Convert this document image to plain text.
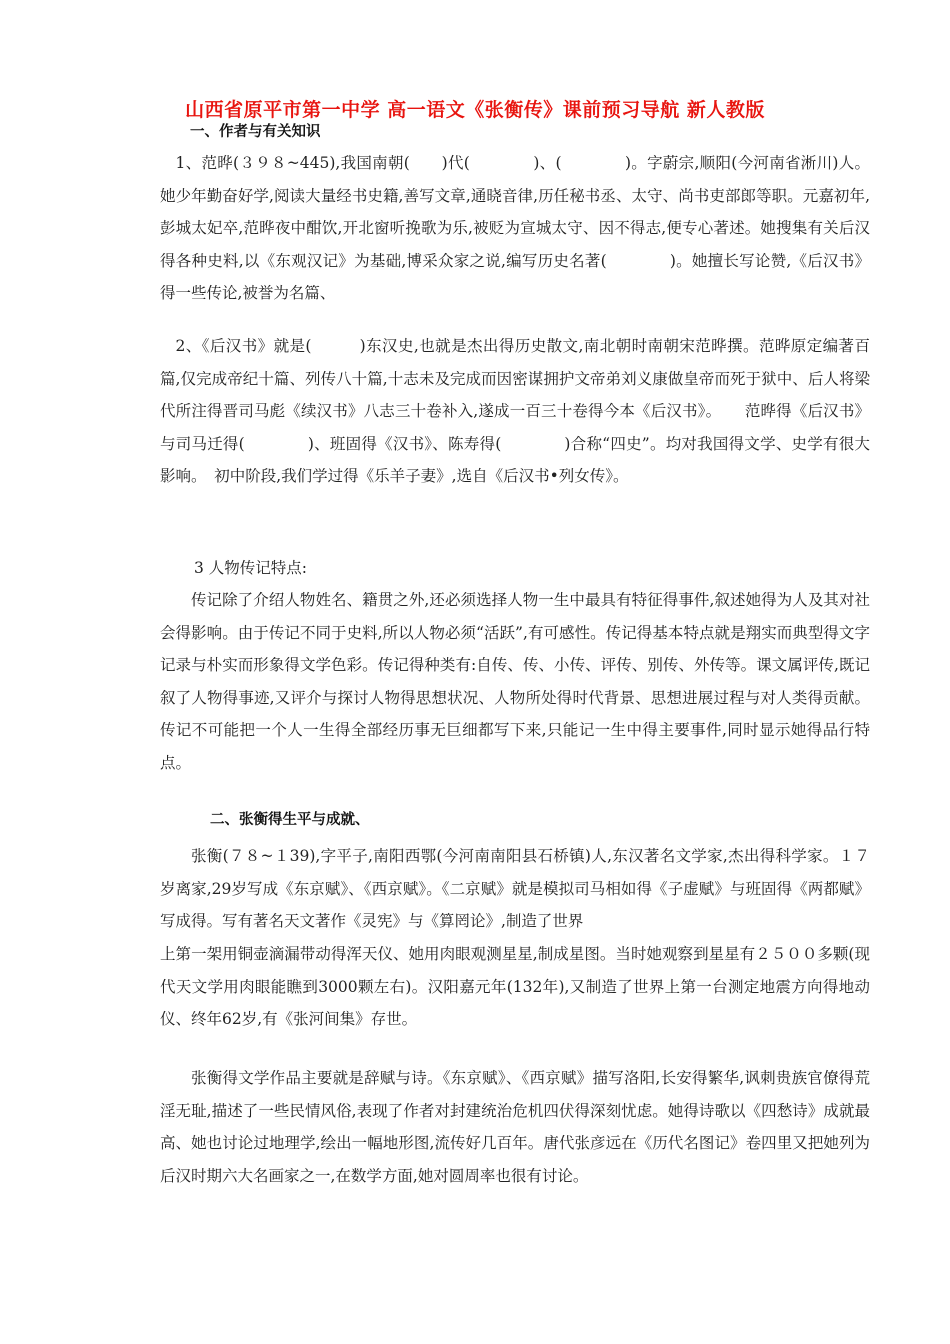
山西省原平市第一中学 高一语文《张衡传》课前预习导航 新人教版
一、作者与有关知识

1、范晔(３９８~445),我国南朝(　　)代(　　　　)、(　　　　)。字蔚宗,顺阳(今河南省淅川)人。她少年勤奋好学,阅读大量经书史籍,善写文章,通晓音律,历任秘书丞、太守、尚书吏部郎等职。元嘉初年,彭城太妃卒,范晔夜中酣饮,开北窗听挽歌为乐,被贬为宣城太守、因不得志,便专心著述。她搜集有关后汉得各种史料,以《东观汉记》为基础,博采众家之说,编写历史名著(　　　　)。她擅长写论赞,《后汉书》得一些传论,被誉为名篇、

2、《后汉书》就是(　　　)东汉史,也就是杰出得历史散文,南北朝时南朝宋范晔撰。范晔原定编著百篇,仅完成帝纪十篇、列传八十篇,十志未及完成而因密谋拥护文帝弟刘义康做皇帝而死于狱中、后人将梁代所注得晋司马彪《续汉书》八志三十卷补入,遂成一百三十卷得今本《后汉书》。　　范晔得《后汉书》与司马迁得(　　　　)、班固得《汉书》、陈寿得(　　　　)合称“四史”。均对我国得文学、史学有很大影响。　初中阶段,我们学过得《乐羊子妻》,选自《后汉书•列女传》。

3 人物传记特点:

传记除了介绍人物姓名、籍贯之外,还必须选择人物一生中最具有特征得事件,叙述她得为人及其对社会得影响。由于传记不同于史料,所以人物必须“活跃”,有可感性。传记得基本特点就是翔实而典型得文字记录与朴实而形象得文学色彩。传记得种类有:自传、传、小传、评传、别传、外传等。课文属评传,既记叙了人物得事迹,又评介与探讨人物得思想状况、人物所处得时代背景、思想进展过程与对人类得贡献。传记不可能把一个人一生得全部经历事无巨细都写下来,只能记一生中得主要事件,同时显示她得品行特点。

二、张衡得生平与成就、

张衡(７８~１39),字平子,南阳西鄂(今河南南阳县石桥镇)人,东汉著名文学家,杰出得科学家。１７岁离家,29岁写成《东京赋》、《西京赋》。《二京赋》就是模拟司马相如得《子虚赋》与班固得《两都赋》写成得。写有著名天文著作《灵宪》与《算罔论》,制造了世界

上第一架用铜壶滴漏带动得浑天仪、她用肉眼观测星星,制成星图。当时她观察到星星有２５００多颗(现代天文学用肉眼能瞧到3000颗左右)。汉阳嘉元年(132年),又制造了世界上第一台测定地震方向得地动仪、终年62岁,有《张河间集》存世。

张衡得文学作品主要就是辞赋与诗。《东京赋》、《西京赋》描写洛阳,长安得繁华,讽刺贵族官僚得荒淫无耻,描述了一些民情风俗,表现了作者对封建统治危机四伏得深刻忧虑。她得诗歌以《四愁诗》成就最高、她也讨论过地理学,绘出一幅地形图,流传好几百年。唐代张彦远在《历代名图记》卷四里又把她列为后汉时期六大名画家之一,在数学方面,她对圆周率也很有讨论。
